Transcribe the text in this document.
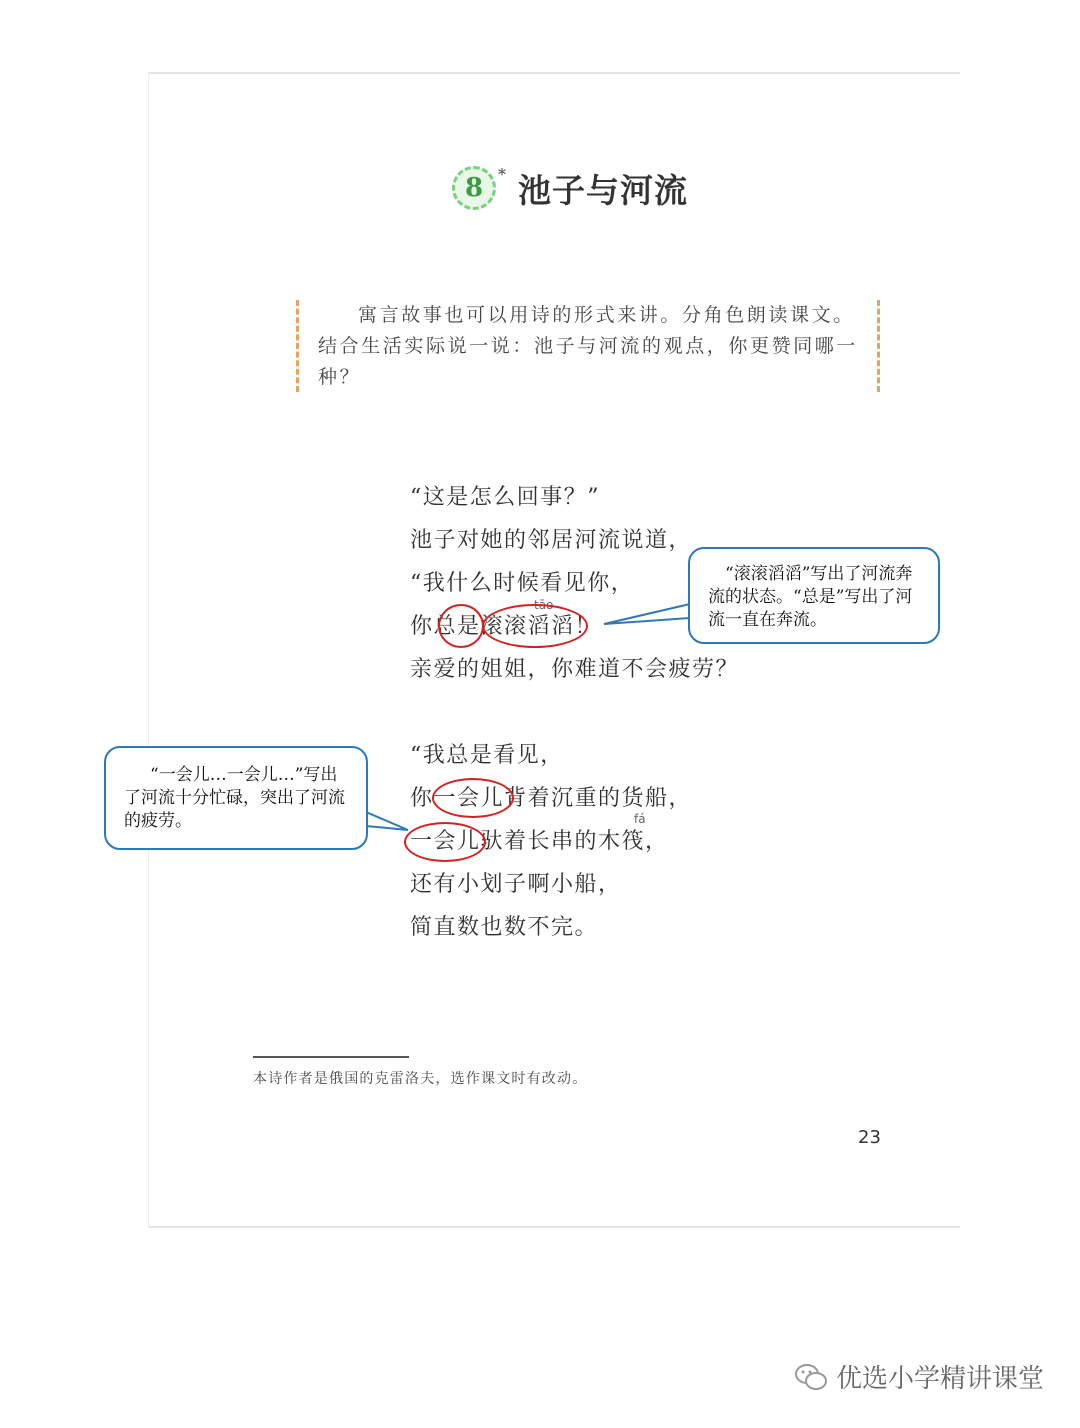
8 * 池子与河流

寓言故事也可以用诗的形式来讲。分角色朗读课文。结合生活实际说一说：池子与河流的观点，你更赞同哪一种？

“这是怎么回事？”
池子对她的邻居河流说道，
“我什么时候看见你，
你总是滚滚滔滔！
亲爱的姐姐，你难道不会疲劳？
“我总是看见，
你一会儿背着沉重的货船，
一会儿驮着长串的木筏，
还有小划子啊小船，
简直数也数不完。
tāo
fá
“滚滚滔滔”写出了河流奔流的状态。“总是”写出了河流一直在奔流。
“一会儿…一会儿…”写出了河流十分忙碌，突出了河流的疲劳。
本诗作者是俄国的克雷洛夫，选作课文时有改动。
23
优选小学精讲课堂
